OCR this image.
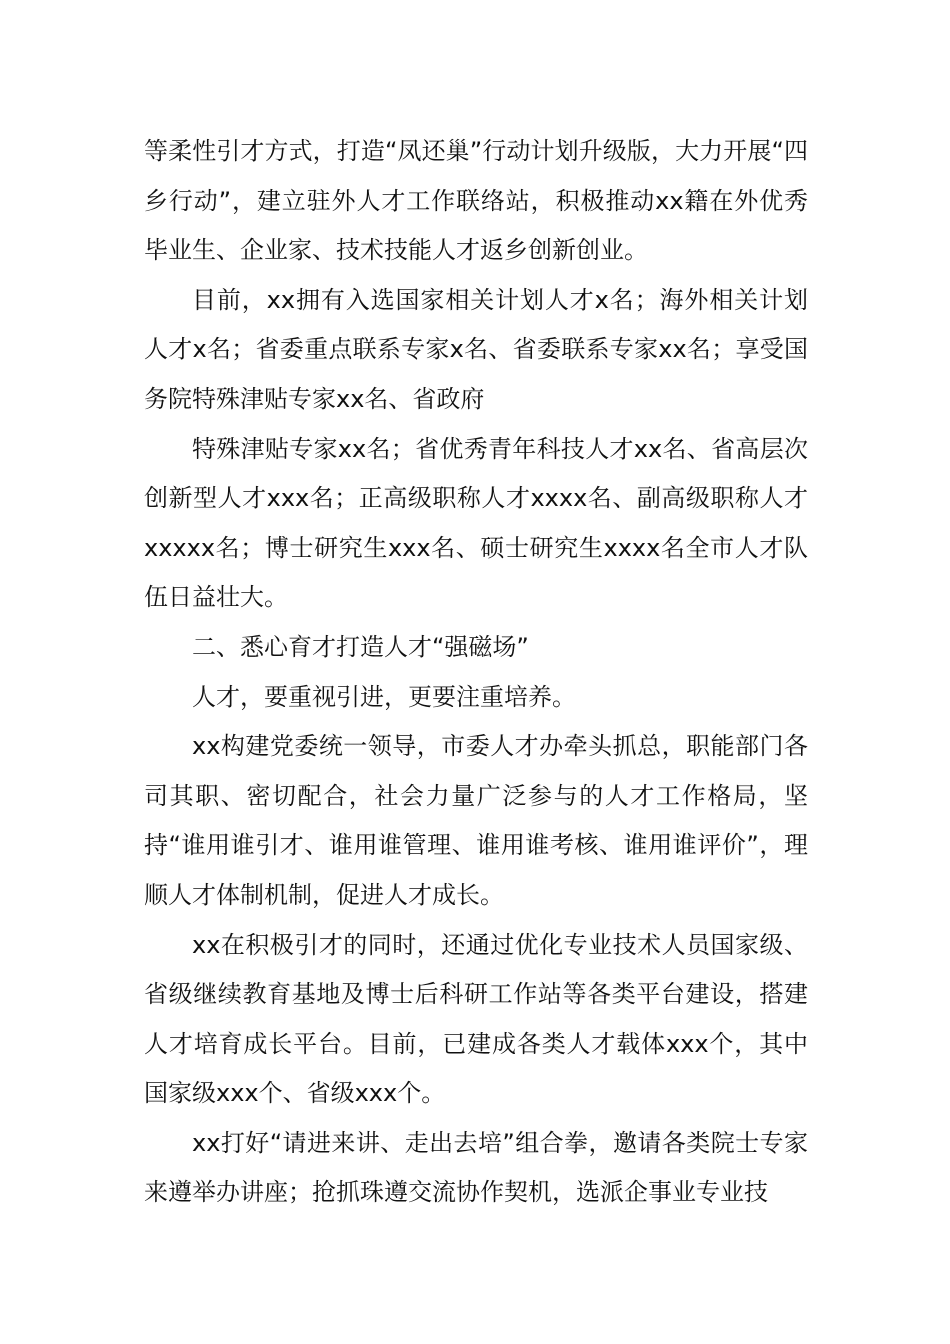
等柔性引才方式，打造“凤还巢”行动计划升级版，大力开展“四乡行动”，建立驻外人才工作联络站，积极推动xx籍在外优秀毕业生、企业家、技术技能人才返乡创新创业。

目前，xx拥有入选国家相关计划人才x名；海外相关计划人才x名；省委重点联系专家x名、省委联系专家xx名；享受国务院特殊津贴专家xx名、省政府

特殊津贴专家xx名；省优秀青年科技人才xx名、省高层次创新型人才xxx名；正高级职称人才xxxx名、副高级职称人才xxxxx名；博士研究生xxx名、硕士研究生xxxx名全市人才队伍日益壮大。

二、悉心育才打造人才“强磁场”

人才，要重视引进，更要注重培养。

xx构建党委统一领导，市委人才办牵头抓总，职能部门各司其职、密切配合，社会力量广泛参与的人才工作格局，坚持“谁用谁引才、谁用谁管理、谁用谁考核、谁用谁评价”，理顺人才体制机制，促进人才成长。

xx在积极引才的同时，还通过优化专业技术人员国家级、省级继续教育基地及博士后科研工作站等各类平台建设，搭建人才培育成长平台。目前，已建成各类人才载体xxx个，其中国家级xxx个、省级xxx个。

xx打好“请进来讲、走出去培”组合拳，邀请各类院士专家来遵举办讲座；抢抓珠遵交流协作契机，选派企事业专业技
